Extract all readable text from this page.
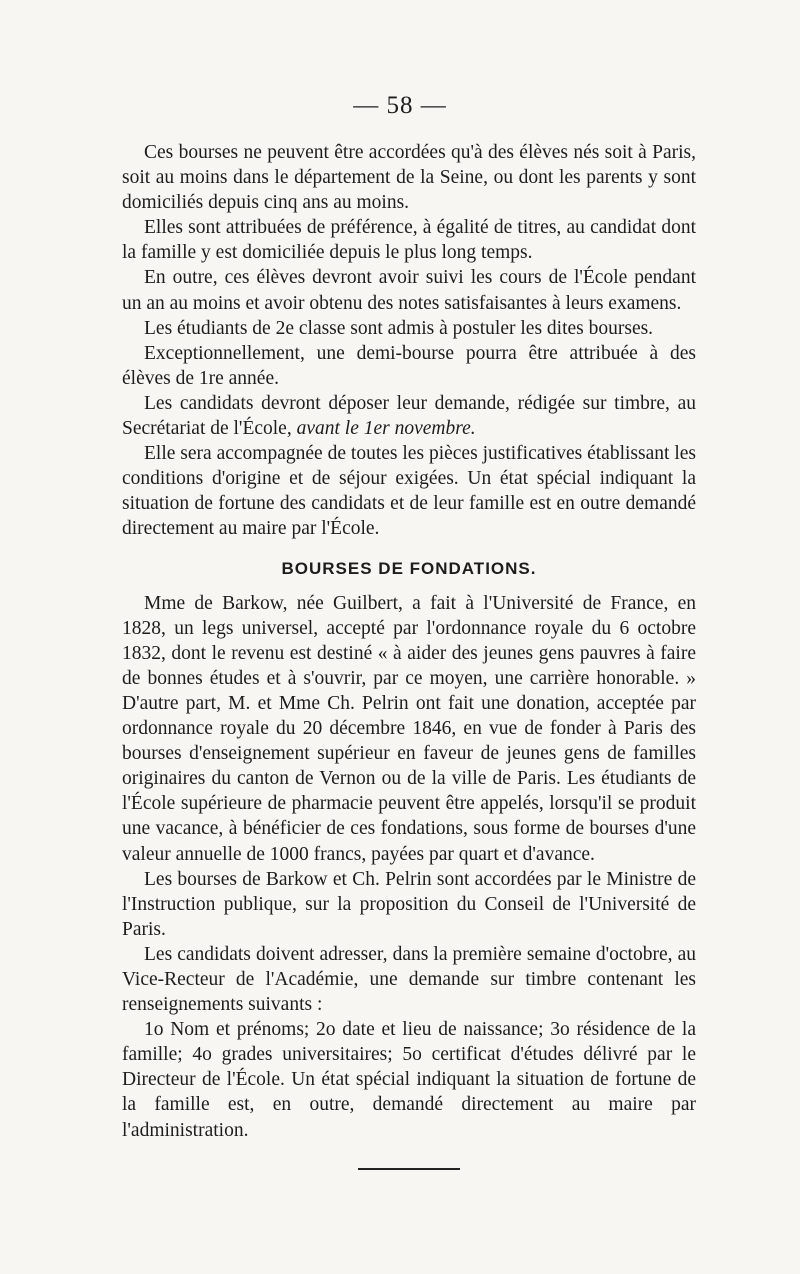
— 58 —

Ces bourses ne peuvent être accordées qu'à des élèves nés soit à Paris, soit au moins dans le département de la Seine, ou dont les parents y sont domiciliés depuis cinq ans au moins.

Elles sont attribuées de préférence, à égalité de titres, au candidat dont la famille y est domiciliée depuis le plus long temps.

En outre, ces élèves devront avoir suivi les cours de l'École pendant un an au moins et avoir obtenu des notes satisfaisantes à leurs examens.

Les étudiants de 2e classe sont admis à postuler les dites bourses.

Exceptionnellement, une demi-bourse pourra être attribuée à des élèves de 1re année.

Les candidats devront déposer leur demande, rédigée sur timbre, au Secrétariat de l'École, avant le 1er novembre.

Elle sera accompagnée de toutes les pièces justificatives établissant les conditions d'origine et de séjour exigées. Un état spécial indiquant la situation de fortune des candidats et de leur famille est en outre demandé directement au maire par l'École.

BOURSES DE FONDATIONS.

Mme de Barkow, née Guilbert, a fait à l'Université de France, en 1828, un legs universel, accepté par l'ordonnance royale du 6 octobre 1832, dont le revenu est destiné « à aider des jeunes gens pauvres à faire de bonnes études et à s'ouvrir, par ce moyen, une carrière honorable. » D'autre part, M. et Mme Ch. Pelrin ont fait une donation, acceptée par ordonnance royale du 20 décembre 1846, en vue de fonder à Paris des bourses d'enseignement supérieur en faveur de jeunes gens de familles originaires du canton de Vernon ou de la ville de Paris. Les étudiants de l'École supérieure de pharmacie peuvent être appelés, lorsqu'il se produit une vacance, à bénéficier de ces fondations, sous forme de bourses d'une valeur annuelle de 1000 francs, payées par quart et d'avance.

Les bourses de Barkow et Ch. Pelrin sont accordées par le Ministre de l'Instruction publique, sur la proposition du Conseil de l'Université de Paris.

Les candidats doivent adresser, dans la première semaine d'octobre, au Vice-Recteur de l'Académie, une demande sur timbre contenant les renseignements suivants :

1o Nom et prénoms; 2o date et lieu de naissance; 3o résidence de la famille; 4o grades universitaires; 5o certificat d'études délivré par le Directeur de l'École. Un état spécial indiquant la situation de fortune de la famille est, en outre, demandé directement au maire par l'administration.
